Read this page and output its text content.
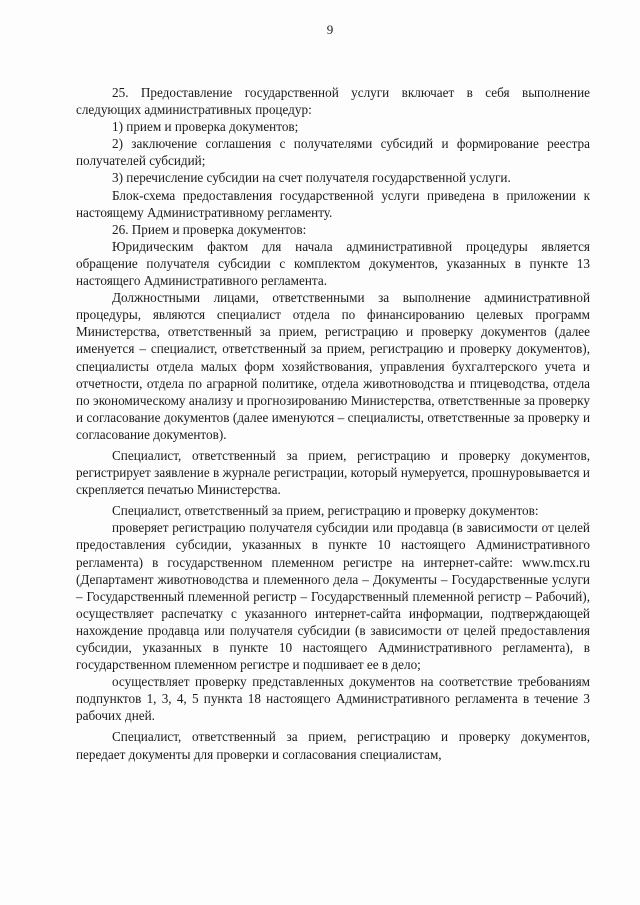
9

25. Предоставление государственной услуги включает в себя выполнение следующих административных процедур:

1) прием и проверка документов;

2) заключение соглашения с получателями субсидий и формирование реестра получателей субсидий;

3) перечисление субсидии на счет получателя государственной услуги.

Блок-схема предоставления государственной услуги приведена в приложении к настоящему Административному регламенту.

26. Прием и проверка документов:

Юридическим фактом для начала административной процедуры является обращение получателя субсидии с комплектом документов, указанных в пункте 13 настоящего Административного регламента.

Должностными лицами, ответственными за выполнение административной процедуры, являются специалист отдела по финансированию целевых программ Министерства, ответственный за прием, регистрацию и проверку документов (далее именуется – специалист, ответственный за прием, регистрацию и проверку документов), специалисты отдела малых форм хозяйствования, управления бухгалтерского учета и отчетности, отдела по аграрной политике, отдела животноводства и птицеводства, отдела по экономическому анализу и прогнозированию Министерства, ответственные за проверку и согласование документов (далее именуются – специалисты, ответственные за проверку и согласование документов).

Специалист, ответственный за прием, регистрацию и проверку документов, регистрирует заявление в журнале регистрации, который нумеруется, прошнуровывается и скрепляется печатью Министерства.

Специалист, ответственный за прием, регистрацию и проверку документов:

проверяет регистрацию получателя субсидии или продавца (в зависимости от целей предоставления субсидии, указанных в пункте 10 настоящего Административного регламента) в государственном племенном регистре на интернет-сайте: www.mcx.ru (Департамент животноводства и племенного дела – Документы – Государственные услуги – Государственный племенной регистр – Государственный племенной регистр – Рабочий), осуществляет распечатку с указанного интернет-сайта информации, подтверждающей нахождение продавца или получателя субсидии (в зависимости от целей предоставления субсидии, указанных в пункте 10 настоящего Административного регламента), в государственном племенном регистре и подшивает ее в дело;

осуществляет проверку представленных документов на соответствие требованиям подпунктов 1, 3, 4, 5 пункта 18 настоящего Административного регламента в течение 3 рабочих дней.

Специалист, ответственный за прием, регистрацию и проверку документов, передает документы для проверки и согласования специалистам,
